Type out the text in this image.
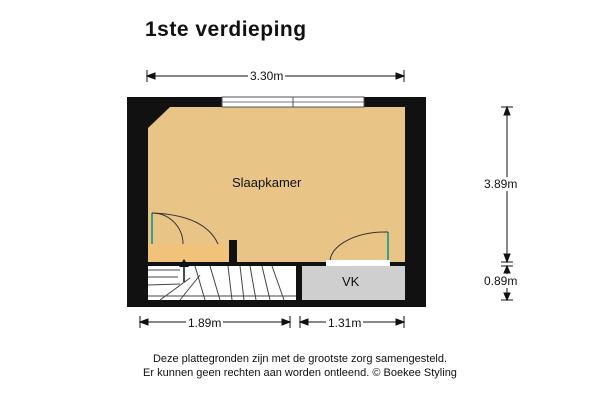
1ste verdieping
3.30m
3.89m
0.89m
1.89m	1.31m
Slaapkamer
VK
Deze plattegronden zijn met de grootste zorg samengesteld.
Er kunnen geen rechten aan worden ontleend. © Boekee Styling
